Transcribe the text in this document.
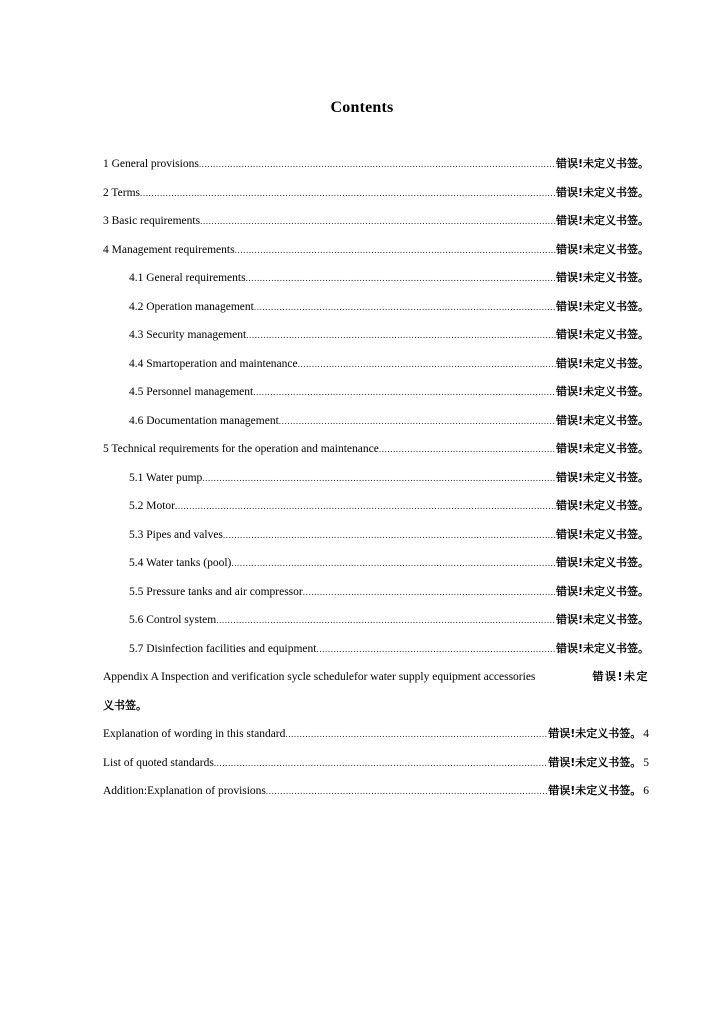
Contents
1 General provisions .....	错误!未定义书签。
2 Terms .....	错误!未定义书签。
3 Basic requirements .....	错误!未定义书签。
4 Management requirements .....	错误!未定义书签。
4.1 General requirements .....	错误!未定义书签。
4.2 Operation management .....	错误!未定义书签。
4.3 Security management .....	错误!未定义书签。
4.4 Smartoperation and maintenance .....	错误!未定义书签。
4.5 Personnel management .....	错误!未定义书签。
4.6 Documentation management .....	错误!未定义书签。
5 Technical requirements for the operation and maintenance .....	错误!未定义书签。
5.1 Water pump .....	错误!未定义书签。
5.2 Motor .....	错误!未定义书签。
5.3 Pipes and valves .....	错误!未定义书签。
5.4 Water tanks (pool) .....	错误!未定义书签。
5.5 Pressure tanks and air compressor .....	错误!未定义书签。
5.6 Control system .....	错误!未定义书签。
5.7 Disinfection facilities and equipment .....	错误!未定义书签。
Appendix A Inspection and verification sycle schedulefor water supply equipment accessories	错误!未定
义书签。
Explanation of wording in this standard .....	错误!未定义书签。 4
List of quoted standards .....	错误!未定义书签。 5
Addition:Explanation of provisions .....	错误!未定义书签。 6
